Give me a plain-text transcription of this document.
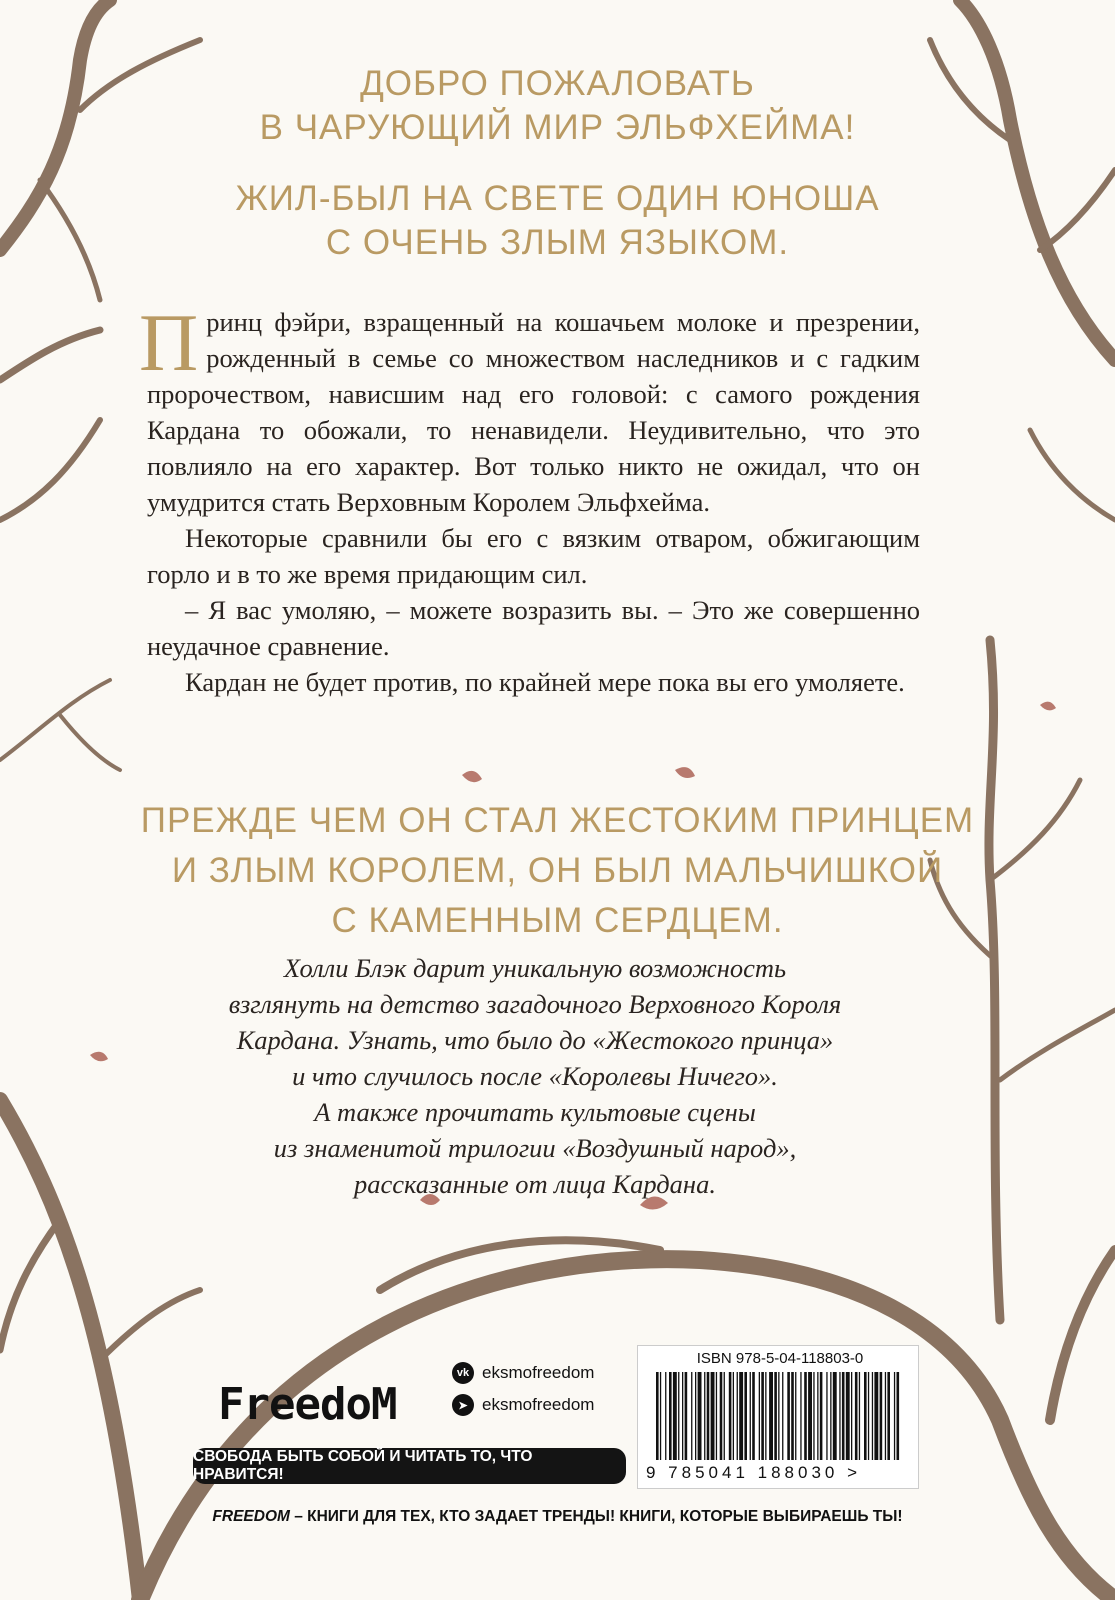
ДОБРО ПОЖАЛОВАТЬ
В ЧАРУЮЩИЙ МИР ЭЛЬФХЕЙМА!
ЖИЛ-БЫЛ НА СВЕТЕ ОДИН ЮНОША
С ОЧЕНЬ ЗЛЫМ ЯЗЫКОМ.

Принц фэйри, взращенный на кошачьем молоке и презрении, рожденный в семье со множеством наследников и с гадким пророчеством, нависшим над его головой: с самого рождения Кардана то обожали, то ненавидели. Неудивительно, что это повлияло на его характер. Вот только никто не ожидал, что он умудрится стать Верховным Королем Эльфхейма.

Некоторые сравнили бы его с вязким отваром, обжигающим горло и в то же время придающим сил.

– Я вас умоляю, – можете возразить вы. – Это же совершенно неудачное сравнение.

Кардан не будет против, по крайней мере пока вы его умоляете.

ПРЕЖДЕ ЧЕМ ОН СТАЛ ЖЕСТОКИМ ПРИНЦЕМ
И ЗЛЫМ КОРОЛЕМ, ОН БЫЛ МАЛЬЧИШКОЙ
С КАМЕННЫМ СЕРДЦЕМ.
Холли Блэк дарит уникальную возможность
взглянуть на детство загадочного Верховного Короля
Кардана. Узнать, что было до «Жестокого принца»
и что случилось после «Королевы Ничего».
А также прочитать культовые сцены
из знаменитой трилогии «Воздушный народ»,
рассказанные от лица Кардана.
FreedoM
vk eksmofreedom
➤ eksmofreedom
СВОБОДА БЫТЬ СОБОЙ И ЧИТАТЬ ТО, ЧТО НРАВИТСЯ!
FREEDOM – КНИГИ ДЛЯ ТЕХ, КТО ЗАДАЕТ ТРЕНДЫ! КНИГИ, КОТОРЫЕ ВЫБИРАЕШЬ ТЫ!
ISBN 978-5-04-118803-0
9 785041 188030 >
